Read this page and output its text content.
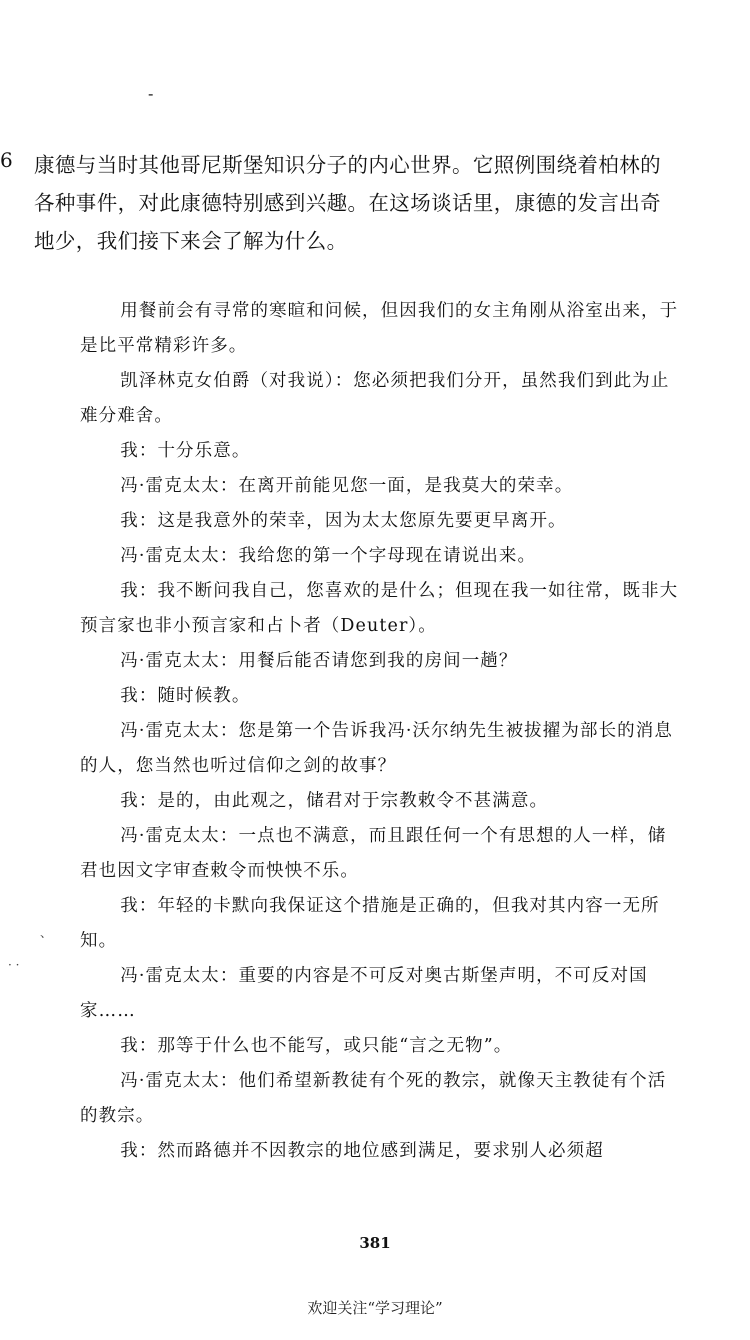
-
6 康德与当时其他哥尼斯堡知识分子的内心世界。它照例围绕着柏林的各种事件，对此康德特别感到兴趣。在这场谈话里，康德的发言出奇地少，我们接下来会了解为什么。

用餐前会有寻常的寒暄和问候，但因我们的女主角刚从浴室出来，于是比平常精彩许多。

凯泽林克女伯爵（对我说）：您必须把我们分开，虽然我们到此为止难分难舍。

我：十分乐意。

冯·雷克太太：在离开前能见您一面，是我莫大的荣幸。

我：这是我意外的荣幸，因为太太您原先要更早离开。

冯·雷克太太：我给您的第一个字母现在请说出来。

我：我不断问我自己，您喜欢的是什么；但现在我一如往常，既非大预言家也非小预言家和占卜者（Deuter）。

冯·雷克太太：用餐后能否请您到我的房间一趟？

我：随时候教。

冯·雷克太太：您是第一个告诉我冯·沃尔纳先生被拔擢为部长的消息的人，您当然也听过信仰之剑的故事？

我：是的，由此观之，储君对于宗教敕令不甚满意。

冯·雷克太太：一点也不满意，而且跟任何一个有思想的人一样，储君也因文字审查敕令而怏怏不乐。

我：年轻的卡默向我保证这个措施是正确的，但我对其内容一无所知。

冯·雷克太太：重要的内容是不可反对奥古斯堡声明，不可反对国家……

我：那等于什么也不能写，或只能“言之无物”。

冯·雷克太太：他们希望新教徒有个死的教宗，就像天主教徒有个活的教宗。

我：然而路德并不因教宗的地位感到满足，要求别人必须超

、
· ·
381
欢迎关注“学习理论”
